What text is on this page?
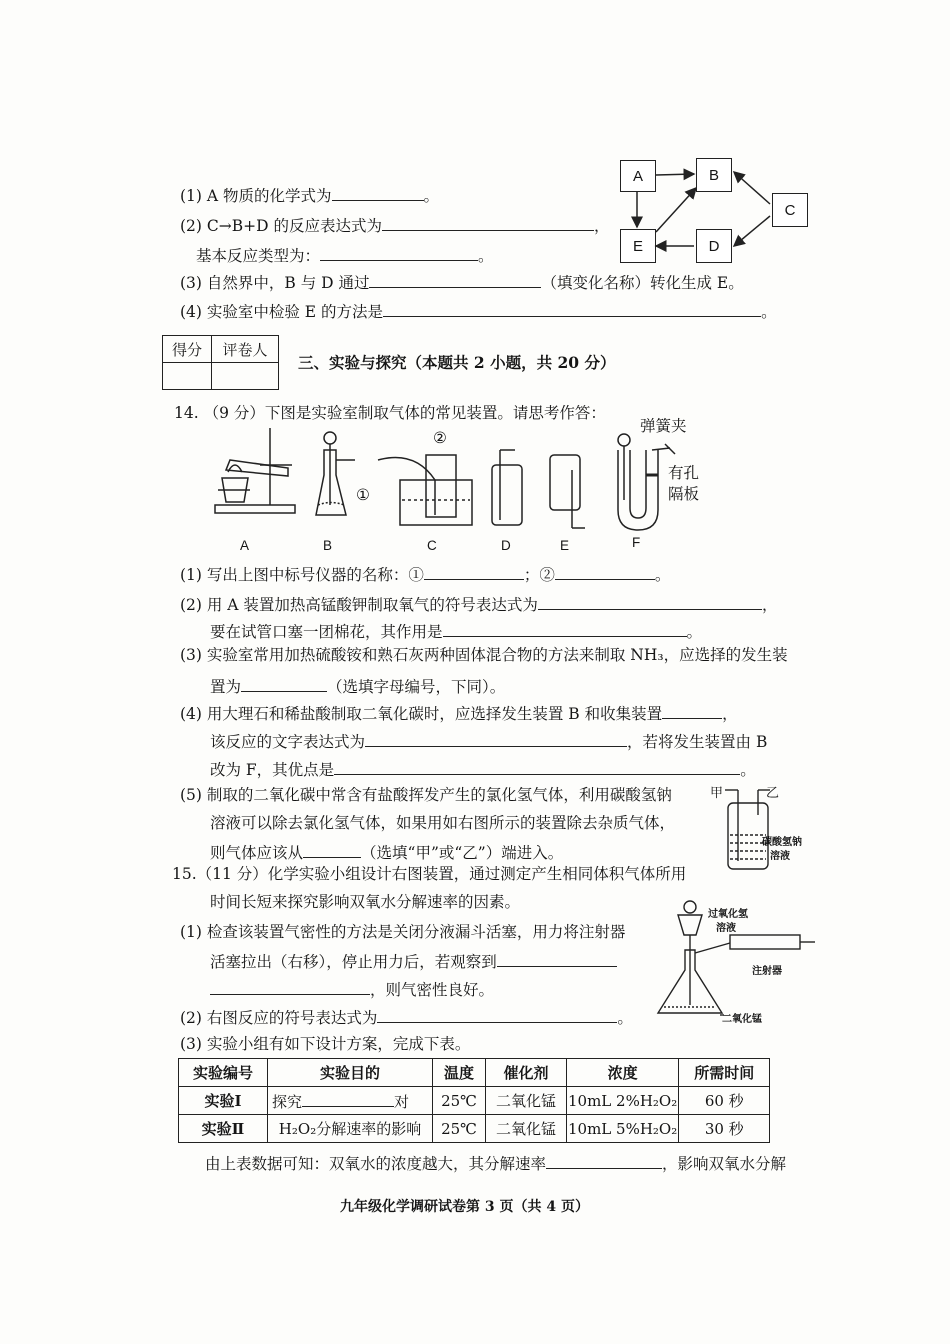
A	B
C
E	D
(1) A 物质的化学式为	。
(2) C→B+D 的反应表达式为	，
基本反应类型为：	。
(3) 自然界中，B 与 D 通过	（填变化名称）转化生成 E。
(4) 实验室中检验 E 的方法是	。
得分	评卷人

三、实验与探究（本题共 2 小题，共 20 分）
14. （9 分）下图是实验室制取气体的常见装置。请思考作答：
A	B	C	D	E	F
①
②
弹簧夹
有孔
隔板
(1) 写出上图中标号仪器的名称：①	；②	。
(2) 用 A 装置加热高锰酸钾制取氧气的符号表达式为	，
要在试管口塞一团棉花，其作用是	。
(3) 实验室常用加热硫酸铵和熟石灰两种固体混合物的方法来制取 NH₃，应选择的发生装
置为	（选填字母编号，下同）。
(4) 用大理石和稀盐酸制取二氧化碳时，应选择发生装置 B 和收集装置	，
该反应的文字表达式为	，若将发生装置由 B
改为 F，其优点是	。
(5) 制取的二氧化碳中常含有盐酸挥发产生的氯化氢气体，利用碳酸氢钠
溶液可以除去氯化氢气体，如果用如右图所示的装置除去杂质气体，
则气体应该从	（选填“甲”或“乙”）端进入。
甲	乙
碳酸氢钠
溶液
15.（11 分）化学实验小组设计右图装置，通过测定产生相同体积气体所用
时间长短来探究影响双氧水分解速率的因素。
(1) 检查该装置气密性的方法是关闭分液漏斗活塞，用力将注射器
活塞拉出（右移），停止用力后，若观察到
，则气密性良好。
(2) 右图反应的符号表达式为	。
(3) 实验小组有如下设计方案，完成下表。
过氧化氢
溶液
注射器
二氧化锰
实验编号	实验目的	温度	催化剂	浓度	所需时间
实验Ⅰ	探究 对	25℃	二氧化锰	10mL 2%H₂O₂	60 秒
实验Ⅱ	H₂O₂分解速率的影响	25℃	二氧化锰	10mL 5%H₂O₂	30 秒
由上表数据可知：双氧水的浓度越大，其分解速率	，影响双氧水分解
九年级化学调研试卷第 3 页（共 4 页）
